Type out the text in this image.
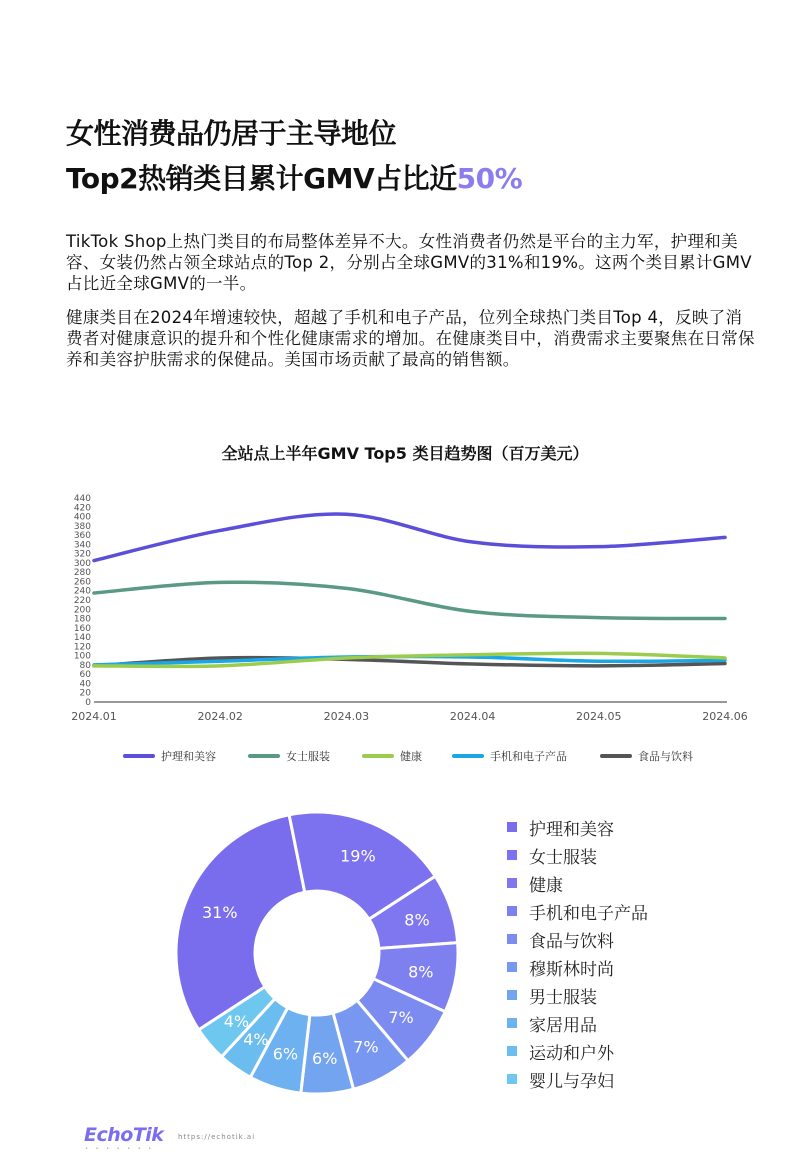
女性消费品仍居于主导地位
Top2热销类目累计GMV占比近50%

TikTok Shop上热门类目的布局整体差异不大。女性消费者仍然是平台的主力军，护理和美容、女装仍然占领全球站点的Top 2，分别占全球GMV的31%和19%。这两个类目累计GMV占比近全球GMV的一半。

健康类目在2024年增速较快，超越了手机和电子产品，位列全球热门类目Top 4，反映了消费者对健康意识的提升和个性化健康需求的增加。在健康类目中，消费需求主要聚焦在日常保养和美容护肤需求的保健品。美国市场贡献了最高的销售额。

全站点上半年GMV Top5 类目趋势图（百万美元）
0
20
40
60
80
100
120
140
160
180
200
220
240
260
280
300
320
340
360
380
400
420
440
2024.01	2024.02	2024.03	2024.04	2024.05	2024.06
护理和美容	女士服装	健康	手机和电子产品	食品与饮料
31%
19%
8%
8%
7%
7%
6%
6%
4%
4%
护理和美容
女士服装
健康
手机和电子产品
食品与饮料
穆斯林时尚
男士服装
家居用品
运动和户外
婴儿与孕妇
EchoTik
• • • • • • •
https://echotik.ai
